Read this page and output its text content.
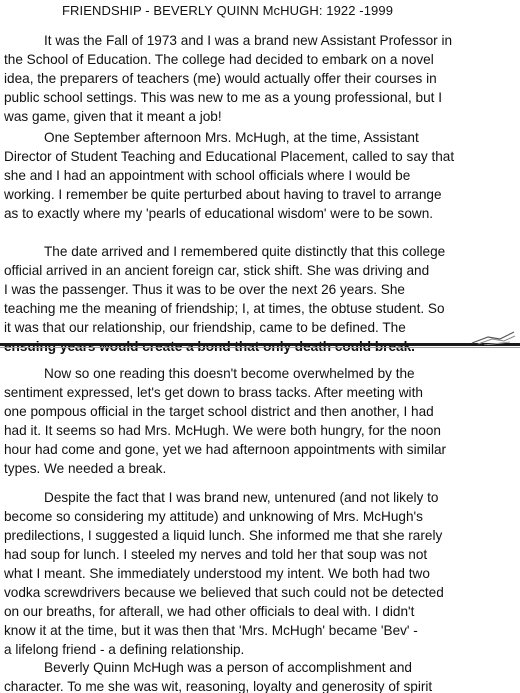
FRIENDSHIP - BEVERLY QUINN McHUGH: 1922 -1999
It was the Fall of 1973 and I was a brand new Assistant Professor in
the School of Education. The college had decided to embark on a novel
idea, the preparers of teachers (me) would actually offer their courses in
public school settings. This was new to me as a young professional, but I
was game, given that it meant a job!
One September afternoon Mrs. McHugh, at the time, Assistant
Director of Student Teaching and Educational Placement, called to say that
she and I had an appointment with school officials where I would be
working. I remember be quite perturbed about having to travel to arrange
as to exactly where my 'pearls of educational wisdom' were to be sown.
The date arrived and I remembered quite distinctly that this college
official arrived in an ancient foreign car, stick shift. She was driving and
I was the passenger. Thus it was to be over the next 26 years. She
teaching me the meaning of friendship; I, at times, the obtuse student. So
it was that our relationship, our friendship, came to be defined. The
Now so one reading this doesn't become overwhelmed by the
sentiment expressed, let's get down to brass tacks. After meeting with
one pompous official in the target school district and then another, I had
had it. It seems so had Mrs. McHugh. We were both hungry, for the noon
hour had come and gone, yet we had afternoon appointments with similar
types. We needed a break.
Despite the fact that I was brand new, untenured (and not likely to
become so considering my attitude) and unknowing of Mrs. McHugh's
predilections, I suggested a liquid lunch. She informed me that she rarely
had soup for lunch. I steeled my nerves and told her that soup was not
what I meant. She immediately understood my intent. We both had two
vodka screwdrivers because we believed that such could not be detected
on our breaths, for afterall, we had other officials to deal with. I didn't
know it at the time, but it was then that 'Mrs. McHugh' became 'Bev' -
a lifelong friend - a defining relationship.
Beverly Quinn McHugh was a person of accomplishment and
character. To me she was wit, reasoning, loyalty and generosity of spirit
